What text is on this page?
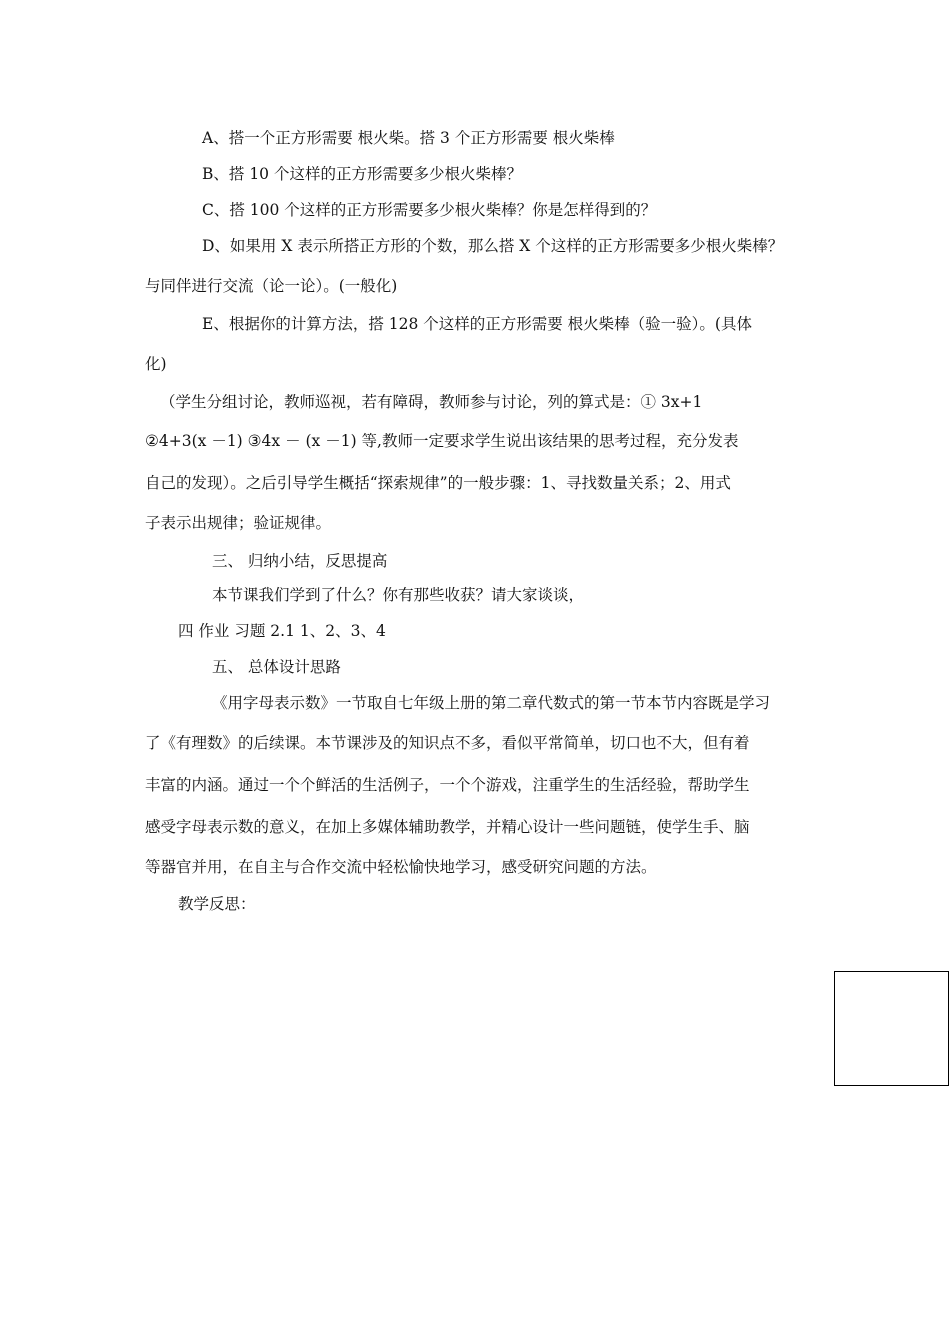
A、搭一个正方形需要 根火柴。搭 3 个正方形需要 根火柴棒
B、搭 10 个这样的正方形需要多少根火柴棒？
C、搭 100 个这样的正方形需要多少根火柴棒？你是怎样得到的？
D、如果用 X 表示所搭正方形的个数，那么搭 X 个这样的正方形需要多少根火柴棒？
与同伴进行交流（论一论）。(一般化)
E、根据你的计算方法，搭 128 个这样的正方形需要 根火柴棒（验一验）。(具体
化)
（学生分组讨论，教师巡视，若有障碍，教师参与讨论，列的算式是：① 3x+1
②4+3(x －1) ③4x － (x －1) 等,教师一定要求学生说出该结果的思考过程，充分发表
自己的发现）。之后引导学生概括“探索规律”的一般步骤：1、寻找数量关系；2、用式
子表示出规律；验证规律。
三、 归纳小结，反思提高
本节课我们学到了什么？你有那些收获？请大家谈谈，
四 作业 习题 2.1 1、2、3、4
五、 总体设计思路
《用字母表示数》一节取自七年级上册的第二章代数式的第一节本节内容既是学习
了《有理数》的后续课。本节课涉及的知识点不多，看似平常简单，切口也不大，但有着
丰富的内涵。通过一个个鲜活的生活例子，一个个游戏，注重学生的生活经验，帮助学生
感受字母表示数的意义，在加上多媒体辅助教学，并精心设计一些问题链，使学生手、脑
等器官并用，在自主与合作交流中轻松愉快地学习，感受研究问题的方法。
教学反思：
